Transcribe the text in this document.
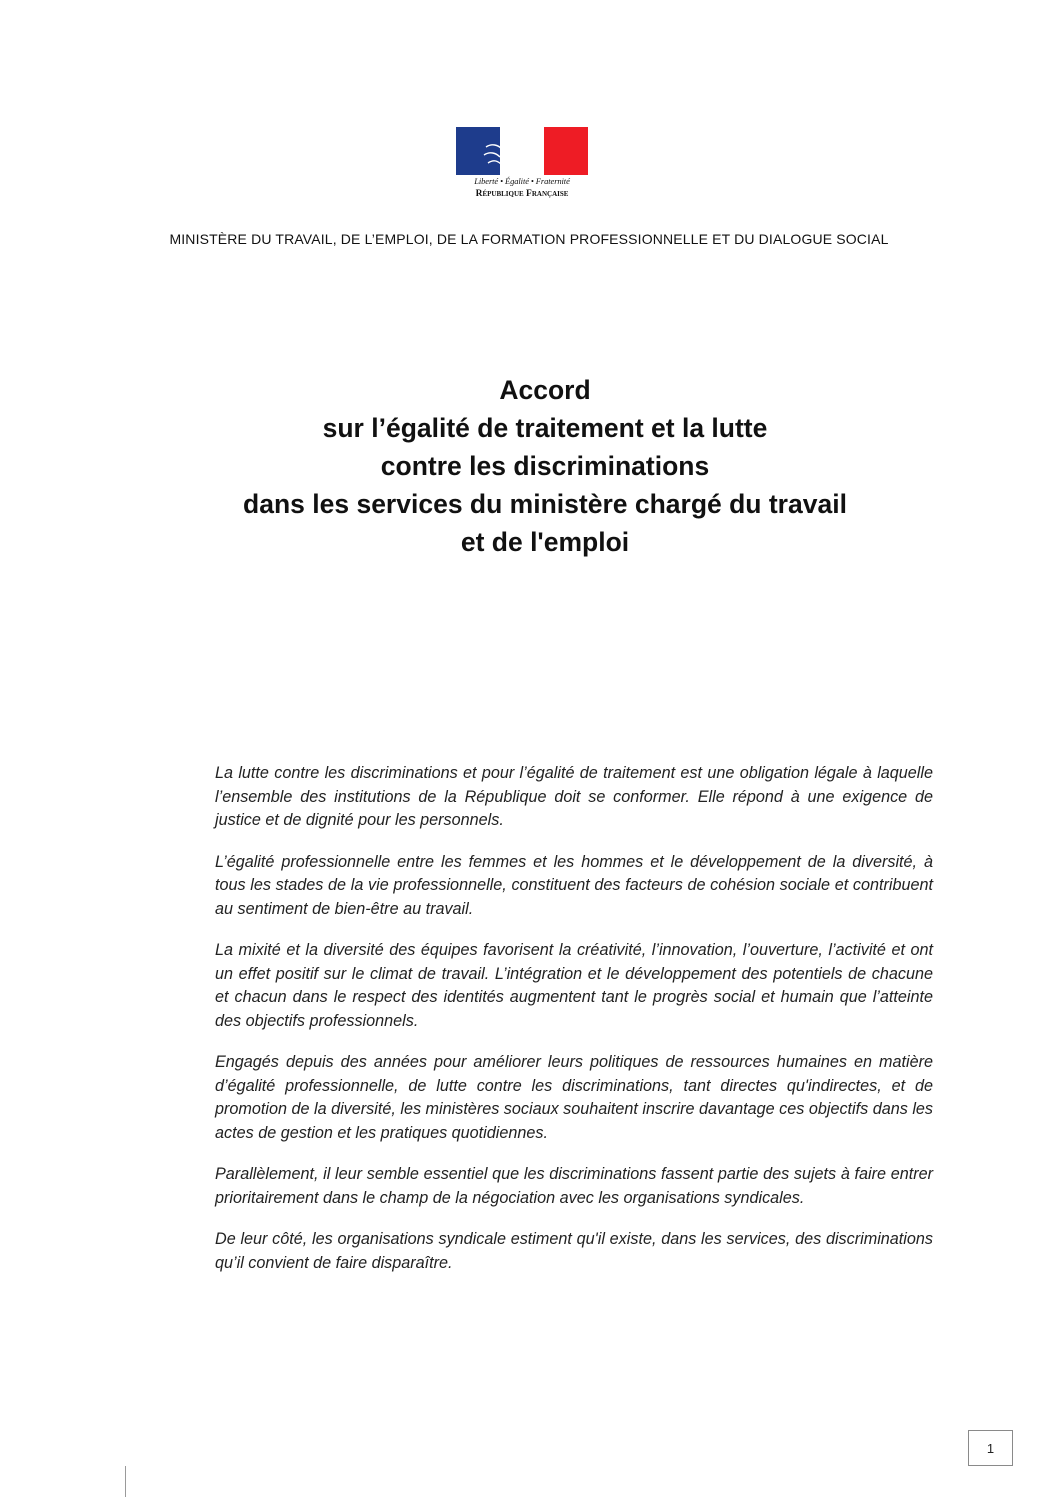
Liberté • Égalité • Fraternité
République Française
MINISTÈRE DU TRAVAIL, DE L’EMPLOI, DE LA FORMATION PROFESSIONNELLE ET DU DIALOGUE SOCIAL
Accord
sur l’égalité de traitement et la lutte
contre les discriminations
dans les services du ministère chargé du travail
et de l'emploi

La lutte contre les discriminations et pour l’égalité de traitement est une obligation légale à laquelle l’ensemble des institutions de la République doit se conformer. Elle répond à une exigence de justice et de dignité pour les personnels.

L’égalité professionnelle entre les femmes et les hommes et le développement de la diversité, à tous les stades de la vie professionnelle, constituent des facteurs de cohésion sociale et contribuent au sentiment de bien-être au travail.

La mixité et la diversité des équipes favorisent la créativité, l’innovation, l’ouverture, l’activité et ont un effet positif sur le climat de travail. L’intégration et le développement des potentiels de chacune et chacun dans le respect des identités augmentent tant le progrès social et humain que l’atteinte des objectifs professionnels.

Engagés depuis des années pour améliorer leurs politiques de ressources humaines en matière d’égalité professionnelle, de lutte contre les discriminations, tant directes qu'indirectes, et de promotion de la diversité, les ministères sociaux souhaitent inscrire davantage ces objectifs dans les actes de gestion et les pratiques quotidiennes.

Parallèlement, il leur semble essentiel que les discriminations fassent partie des sujets à faire entrer prioritairement dans le champ de la négociation avec les organisations syndicales.

De leur côté, les organisations syndicale estiment qu'il existe, dans les services, des discriminations qu’il convient de faire disparaître.

1
